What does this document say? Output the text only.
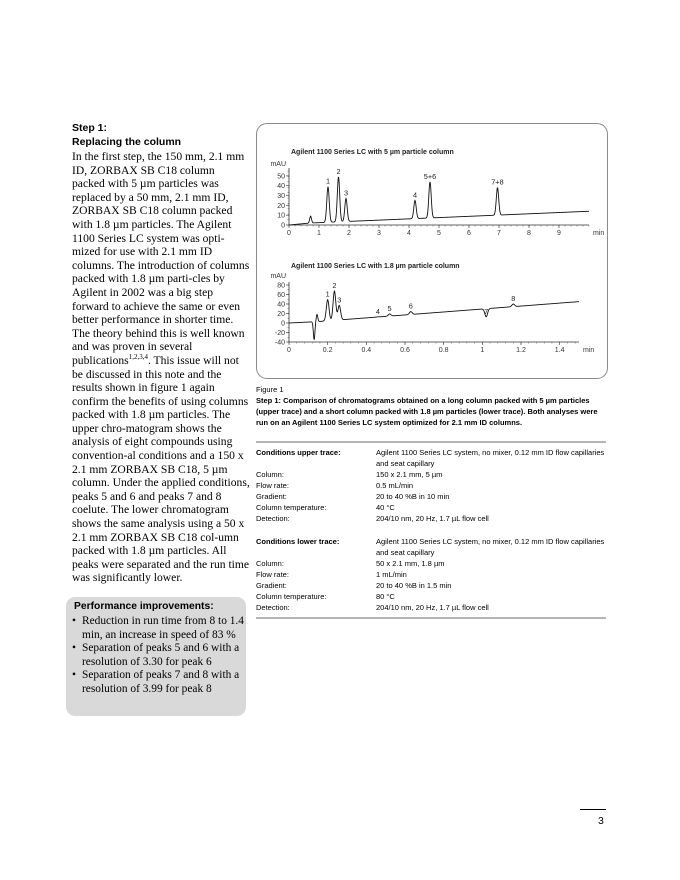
Step 1:
Replacing the column
In the first step, the 150 mm, 2.1 mm ID, ZORBAX SB C18 column packed with 5 µm particles was replaced by a 50 mm, 2.1 mm ID, ZORBAX SB C18 column packed with 1.8 µm particles. The Agilent 1100 Series LC system was opti-mized for use with 2.1 mm ID columns. The introduction of columns packed with 1.8 µm parti-cles by Agilent in 2002 was a big step forward to achieve the same or even better performance in shorter time. The theory behind this is well known and was proven in several publications$^{1,2,3,4}$. This issue will not be discussed in this note and the results shown in figure 1 again confirm the benefits of using columns packed with 1.8 µm particles. The upper chro-matogram shows the analysis of eight compounds using convention-al conditions and a 150 x 2.1 mm ZORBAX SB C18, 5 µm column. Under the applied conditions, peaks 5 and 6 and peaks 7 and 8 coelute. The lower chromatogram shows the same analysis using a 50 x 2.1 mm ZORBAX SB C18 col-umn packed with 1.8 µm particles. All peaks were separated and the run time was significantly lower.
Performance improvements:
• Reduction in run time from 8 to 1.4 min, an increase in speed of 83 %
• Separation of peaks 5 and 6 with a resolution of 3.30 for peak 6
• Separation of peaks 7 and 8 with a resolution of 3.99 for peak 8
Agilent 1100 Series LC with 5 µm particle column
mAU
0
10
20
30
40
50
0	1	2	3	4	5	6	7	8	9	min
1
2
3	4
5+6
7+8
Agilent 1100 Series LC with 1.8 µm particle column
mAU
80
60
40
20
0
-20
-40
0	0.2	0.4	0.6	0.8	1	1.2	1.4	min
1
2
3
4 5 6
7
8
Figure 1
Step 1: Comparison of chromatograms obtained on a long column packed with 5 µm particles (upper trace) and a short column packed with 1.8 µm particles (lower trace). Both analyses were run on an Agilent 1100 Series LC system optimized for 2.1 mm ID columns.
Conditions upper trace:	Agilent 1100 Series LC system, no mixer, 0.12 mm ID flow capillaries and seat capillary
Column:	150 x 2.1 mm, 5 µm
Flow rate:	0.5 mL/min
Gradient:	20 to 40 %B in 10 min
Column temperature:	40 °C
Detection:	204/10 nm, 20 Hz, 1.7 µL flow cell
Conditions lower trace:	Agilent 1100 Series LC system, no mixer, 0.12 mm ID flow capillaries and seat capillary
Column:	50 x 2.1 mm, 1.8 µm
Flow rate:	1 mL/min
Gradient:	20 to 40 %B in 1.5 min
Column temperature:	80 °C
Detection:	204/10 nm, 20 Hz, 1.7 µL flow cell
3
